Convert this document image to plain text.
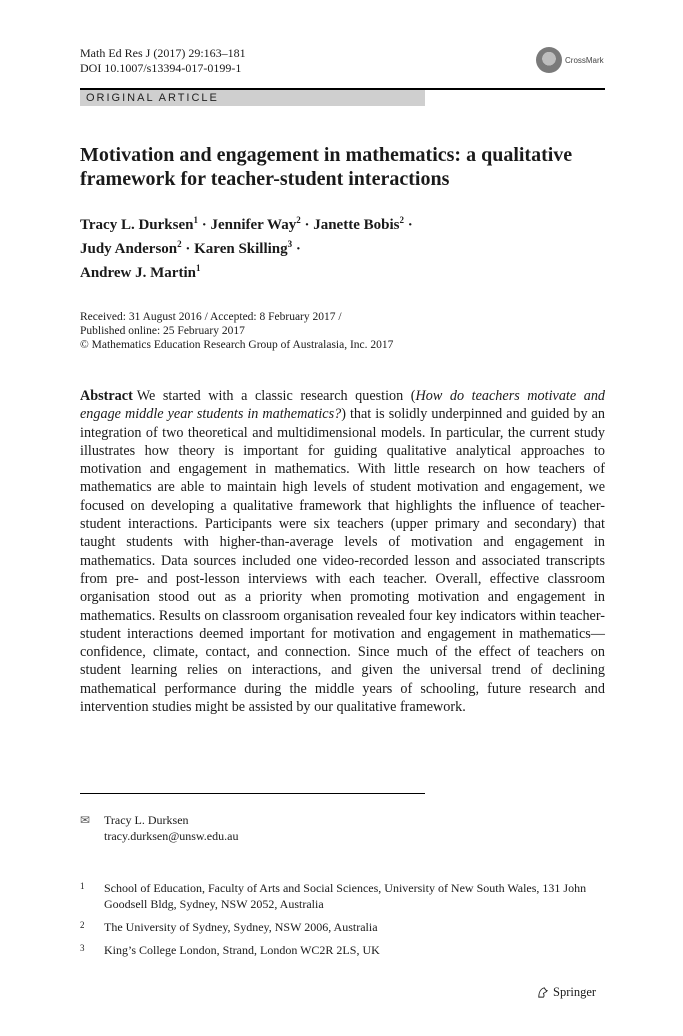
Math Ed Res J (2017) 29:163–181
DOI 10.1007/s13394-017-0199-1
CrossMark
ORIGINAL ARTICLE
Motivation and engagement in mathematics: a qualitative framework for teacher-student interactions
Tracy L. Durksen$^1$ · Jennifer Way$^2$ · Janette Bobis$^2$ ·
Judy Anderson$^2$ · Karen Skilling$^3$ ·
Andrew J. Martin$^1$
Received: 31 August 2016 / Accepted: 8 February 2017 /
Published online: 25 February 2017
© Mathematics Education Research Group of Australasia, Inc. 2017
Abstract We started with a classic research question (How do teachers motivate and engage middle year students in mathematics?) that is solidly underpinned and guided by an integration of two theoretical and multidimensional models. In particular, the current study illustrates how theory is important for guiding qualitative analytical approaches to motivation and engagement in mathematics. With little research on how teachers of mathematics are able to maintain high levels of student motivation and engagement, we focused on developing a qualitative framework that highlights the influence of teacher-student interactions. Participants were six teachers (upper primary and secondary) that taught students with higher-than-average levels of motivation and engagement in mathematics. Data sources included one video-recorded lesson and associated transcripts from pre- and post-lesson interviews with each teacher. Overall, effective classroom organisation stood out as a priority when promoting motivation and engagement in mathematics. Results on classroom organisation revealed four key indicators within teacher-student interactions deemed important for motivation and engagement in mathematics—confidence, climate, contact, and connection. Since much of the effect of teachers on student learning relies on interactions, and given the universal trend of declining mathematical performance during the middle years of schooling, future research and intervention studies might be assisted by our qualitative framework.
✉ Tracy L. Durksen
tracy.durksen@unsw.edu.au
1 School of Education, Faculty of Arts and Social Sciences, University of New South Wales, 131 John Goodsell Bldg, Sydney, NSW 2052, Australia
2 The University of Sydney, Sydney, NSW 2006, Australia
3 King’s College London, Strand, London WC2R 2LS, UK
Springer
